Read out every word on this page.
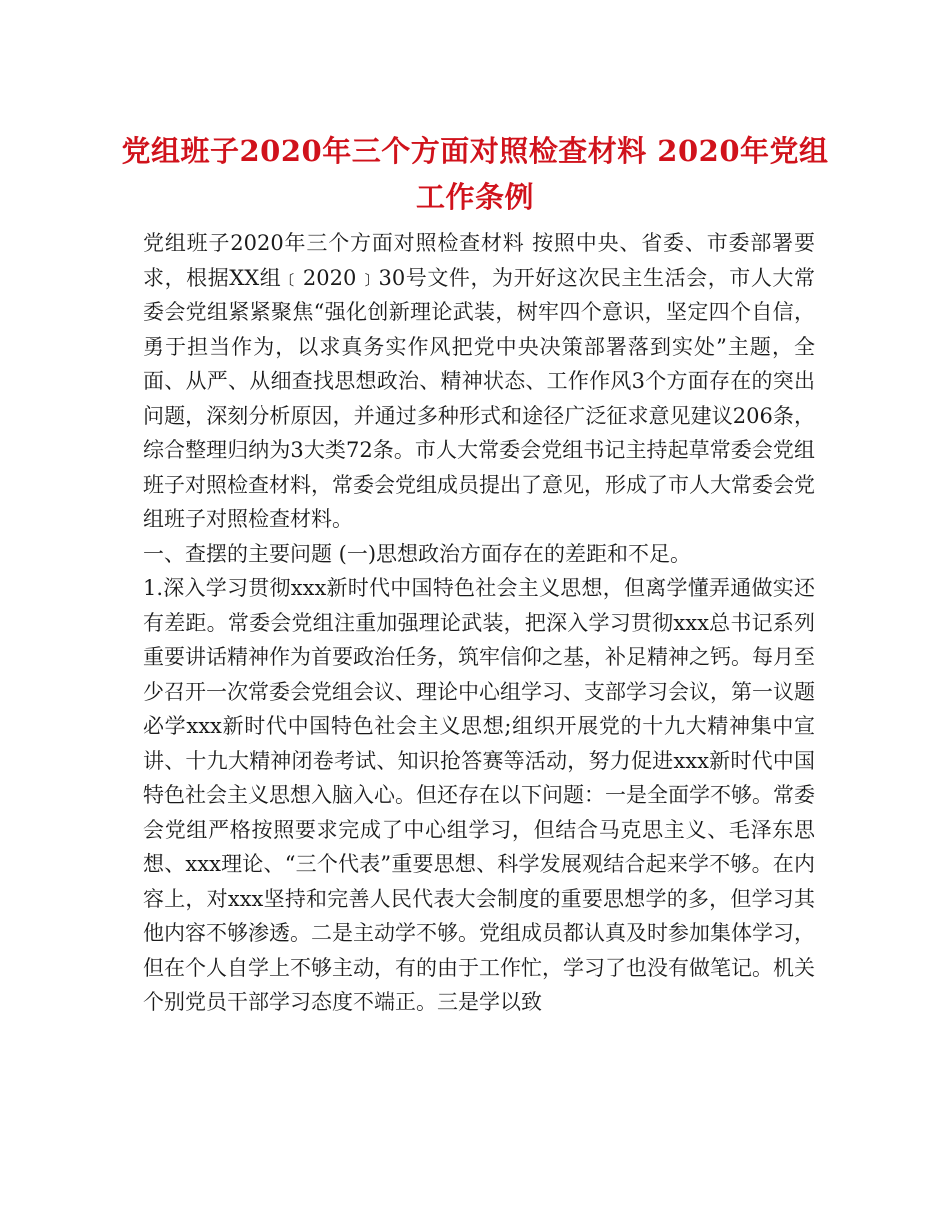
党组班子2020年三个方面对照检查材料 2020年党组工作条例

党组班子2020年三个方面对照检查材料 按照中央、省委、市委部署要求，根据XX组﹝2020﹞30号文件，为开好这次民主生活会，市人大常委会党组紧紧聚焦“强化创新理论武装，树牢四个意识，坚定四个自信，勇于担当作为，以求真务实作风把党中央决策部署落到实处”主题，全面、从严、从细查找思想政治、精神状态、工作作风3个方面存在的突出问题，深刻分析原因，并通过多种形式和途径广泛征求意见建议206条，综合整理归纳为3大类72条。市人大常委会党组书记主持起草常委会党组班子对照检查材料，常委会党组成员提出了意见，形成了市人大常委会党组班子对照检查材料。

一、查摆的主要问题 (一)思想政治方面存在的差距和不足。

1.深入学习贯彻xxx新时代中国特色社会主义思想，但离学懂弄通做实还有差距。常委会党组注重加强理论武装，把深入学习贯彻xxx总书记系列重要讲话精神作为首要政治任务，筑牢信仰之基，补足精神之钙。每月至少召开一次常委会党组会议、理论中心组学习、支部学习会议，第一议题必学xxx新时代中国特色社会主义思想;组织开展党的十九大精神集中宣讲、十九大精神闭卷考试、知识抢答赛等活动，努力促进xxx新时代中国特色社会主义思想入脑入心。但还存在以下问题：一是全面学不够。常委会党组严格按照要求完成了中心组学习，但结合马克思主义、毛泽东思想、xxx理论、“三个代表”重要思想、科学发展观结合起来学不够。在内容上，对xxx坚持和完善人民代表大会制度的重要思想学的多，但学习其他内容不够渗透。二是主动学不够。党组成员都认真及时参加集体学习，但在个人自学上不够主动，有的由于工作忙，学习了也没有做笔记。机关个别党员干部学习态度不端正。三是学以致
